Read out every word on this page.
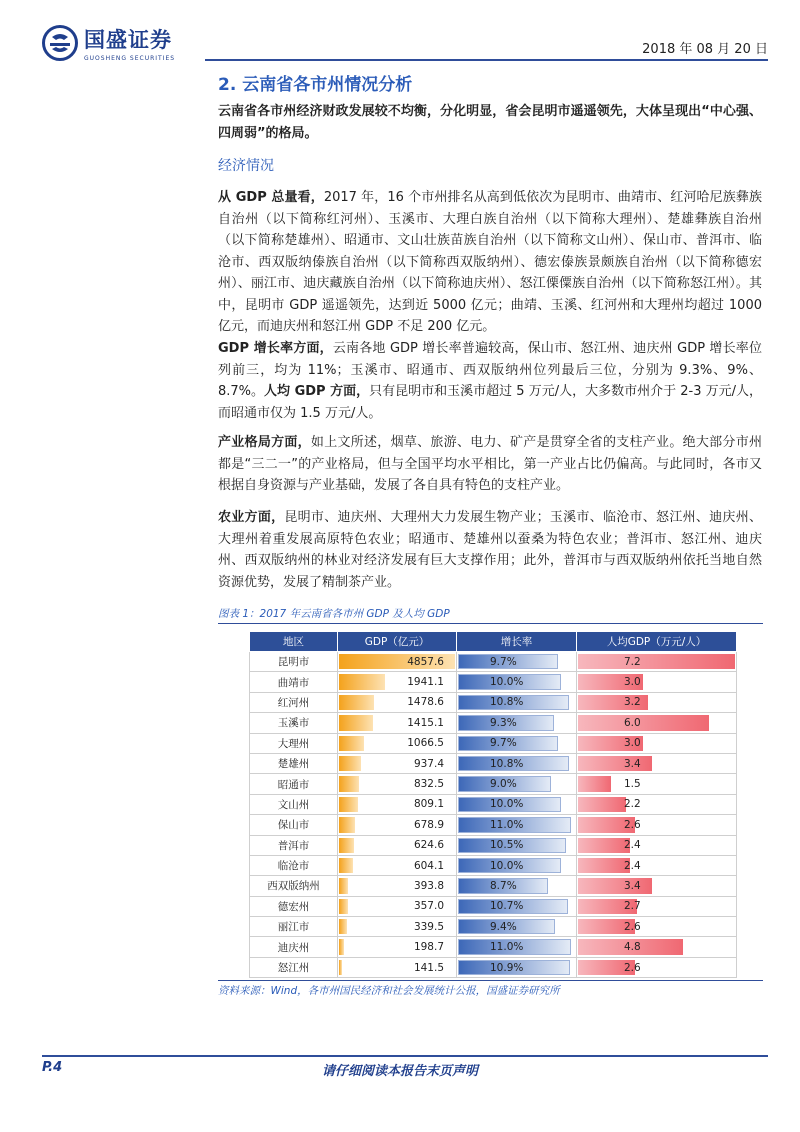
国盛证券
GUOSHENG SECURITIES
2018 年 08 月 20 日
2. 云南省各市州情况分析
云南省各市州经济财政发展较不均衡，分化明显，省会昆明市遥遥领先，大体呈现出“中心强、四周弱”的格局。
经济情况
从 GDP 总量看，2017 年，16 个市州排名从高到低依次为昆明市、曲靖市、红河哈尼族彝族自治州（以下简称红河州）、玉溪市、大理白族自治州（以下简称大理州）、楚雄彝族自治州（以下简称楚雄州）、昭通市、文山壮族苗族自治州（以下简称文山州）、保山市、普洱市、临沧市、西双版纳傣族自治州（以下简称西双版纳州）、德宏傣族景颇族自治州（以下简称德宏州）、丽江市、迪庆藏族自治州（以下简称迪庆州）、怒江傈僳族自治州（以下简称怒江州）。其中，昆明市 GDP 遥遥领先，达到近 5000 亿元；曲靖、玉溪、红河州和大理州均超过 1000 亿元，而迪庆州和怒江州 GDP 不足 200 亿元。
GDP 增长率方面，云南各地 GDP 增长率普遍较高，保山市、怒江州、迪庆州 GDP 增长率位列前三，均为 11%；玉溪市、昭通市、西双版纳州位列最后三位，分别为 9.3%、9%、8.7%。人均 GDP 方面，只有昆明市和玉溪市超过 5 万元/人，大多数市州介于 2-3 万元/人，而昭通市仅为 1.5 万元/人。
产业格局方面，如上文所述，烟草、旅游、电力、矿产是贯穿全省的支柱产业。绝大部分市州都是“三二一”的产业格局，但与全国平均水平相比，第一产业占比仍偏高。与此同时，各市又根据自身资源与产业基础，发展了各自具有特色的支柱产业。
农业方面，昆明市、迪庆州、大理州大力发展生物产业；玉溪市、临沧市、怒江州、迪庆州、大理州着重发展高原特色农业；昭通市、楚雄州以蚕桑为特色农业；普洱市、怒江州、迪庆州、西双版纳州的林业对经济发展有巨大支撑作用；此外，普洱市与西双版纳州依托当地自然资源优势，发展了精制茶产业。
图表 1：2017 年云南省各市州 GDP 及人均 GDP
地区	GDP（亿元）	增长率	人均GDP（万元/人）
昆明市	4857.6	9.7%	7.2

曲靖市	1941.1	10.0%	3.0

红河州	1478.6	10.8%	3.2

玉溪市	1415.1	9.3%	6.0

大理州	1066.5	9.7%	3.0

楚雄州	937.4	10.8%	3.4

昭通市	832.5	9.0%	1.5

文山州	809.1	10.0%	2.2

保山市	678.9	11.0%	2.6

普洱市	624.6	10.5%	2.4

临沧市	604.1	10.0%	2.4

西双版纳州	393.8	8.7%	3.4

德宏州	357.0	10.7%	2.7

丽江市	339.5	9.4%	2.6

迪庆州	198.7	11.0%	4.8

怒江州	141.5	10.9%	2.6
资料来源：Wind，各市州国民经济和社会发展统计公报，国盛证券研究所
P.4	请仔细阅读本报告末页声明
